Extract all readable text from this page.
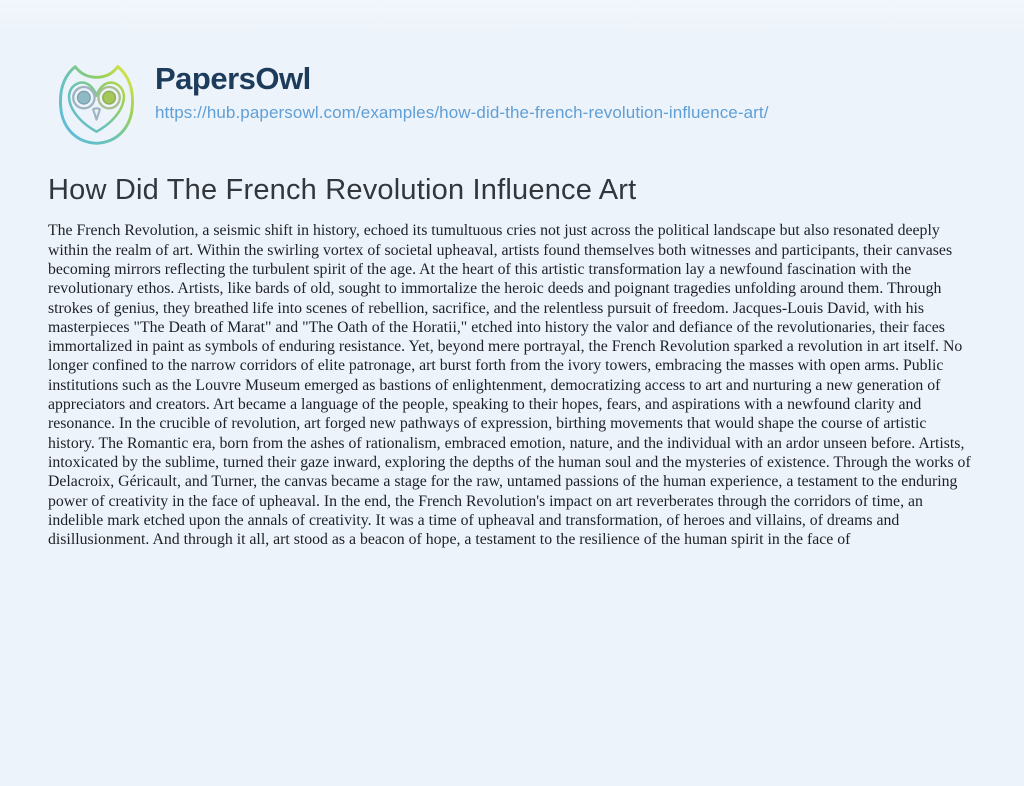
PapersOwl
https://hub.papersowl.com/examples/how-did-the-french-revolution-influence-art/
How Did The French Revolution Influence Art

The French Revolution, a seismic shift in history, echoed its tumultuous cries not just across the political landscape but also resonated deeply within the realm of art. Within the swirling vortex of societal upheaval, artists found themselves both witnesses and participants, their canvases becoming mirrors reflecting the turbulent spirit of the age. At the heart of this artistic transformation lay a newfound fascination with the revolutionary ethos. Artists, like bards of old, sought to immortalize the heroic deeds and poignant tragedies unfolding around them. Through strokes of genius, they breathed life into scenes of rebellion, sacrifice, and the relentless pursuit of freedom. Jacques-Louis David, with his masterpieces "The Death of Marat" and "The Oath of the Horatii," etched into history the valor and defiance of the revolutionaries, their faces immortalized in paint as symbols of enduring resistance. Yet, beyond mere portrayal, the French Revolution sparked a revolution in art itself. No longer confined to the narrow corridors of elite patronage, art burst forth from the ivory towers, embracing the masses with open arms. Public institutions such as the Louvre Museum emerged as bastions of enlightenment, democratizing access to art and nurturing a new generation of appreciators and creators. Art became a language of the people, speaking to their hopes, fears, and aspirations with a newfound clarity and resonance. In the crucible of revolution, art forged new pathways of expression, birthing movements that would shape the course of artistic history. The Romantic era, born from the ashes of rationalism, embraced emotion, nature, and the individual with an ardor unseen before. Artists, intoxicated by the sublime, turned their gaze inward, exploring the depths of the human soul and the mysteries of existence. Through the works of Delacroix, Géricault, and Turner, the canvas became a stage for the raw, untamed passions of the human experience, a testament to the enduring power of creativity in the face of upheaval. In the end, the French Revolution's impact on art reverberates through the corridors of time, an indelible mark etched upon the annals of creativity. It was a time of upheaval and transformation, of heroes and villains, of dreams and disillusionment. And through it all, art stood as a beacon of hope, a testament to the resilience of the human spirit in the face of
